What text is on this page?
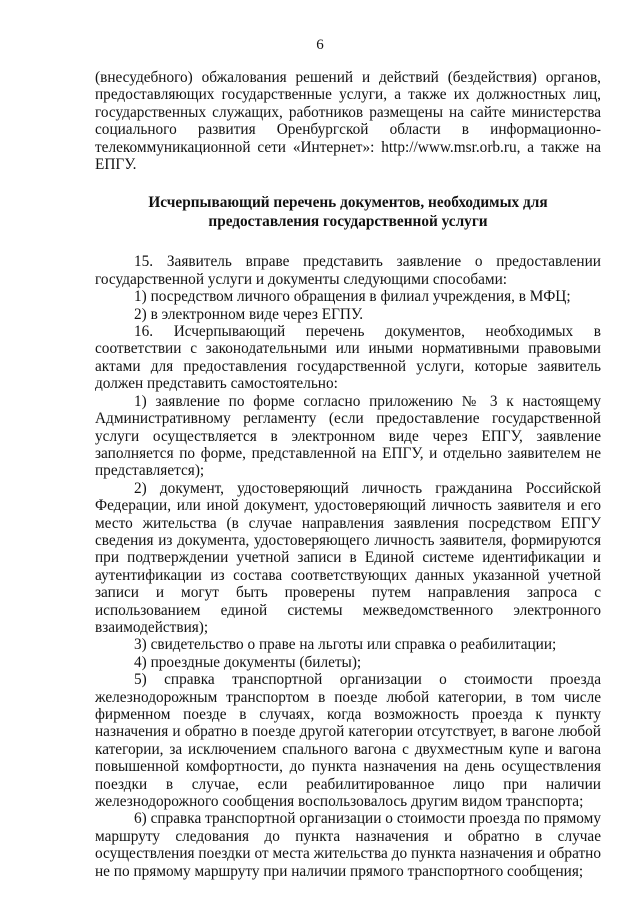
6

(внесудебного) обжалования решений и действий (бездействия) органов, предоставляющих государственные услуги, а также их должностных лиц, государственных служащих, работников размещены на сайте министерства социального развития Оренбургской области в информационно-телекоммуникационной сети «Интернет»: http://www.msr.orb.ru, а также на ЕПГУ.

Исчерпывающий перечень документов, необходимых для
предоставления государственной услуги

15. Заявитель вправе представить заявление о предоставлении государственной услуги и документы следующими способами:

1) посредством личного обращения в филиал учреждения, в МФЦ;

2) в электронном виде через ЕГПУ.

16. Исчерпывающий перечень документов, необходимых в соответствии с законодательными или иными нормативными правовыми актами для предоставления государственной услуги, которые заявитель должен представить самостоятельно:

1) заявление по форме согласно приложению № 3 к настоящему Административному регламенту (если предоставление государственной услуги осуществляется в электронном виде через ЕПГУ, заявление заполняется по форме, представленной на ЕПГУ, и отдельно заявителем не представляется);

2) документ, удостоверяющий личность гражданина Российской Федерации, или иной документ, удостоверяющий личность заявителя и его место жительства (в случае направления заявления посредством ЕПГУ сведения из документа, удостоверяющего личность заявителя, формируются при подтверждении учетной записи в Единой системе идентификации и аутентификации из состава соответствующих данных указанной учетной записи и могут быть проверены путем направления запроса с использованием единой системы межведомственного электронного взаимодействия);

3) свидетельство о праве на льготы или справка о реабилитации;

4) проездные документы (билеты);

5) справка транспортной организации о стоимости проезда железнодорожным транспортом в поезде любой категории, в том числе фирменном поезде в случаях, когда возможность проезда к пункту назначения и обратно в поезде другой категории отсутствует, в вагоне любой категории, за исключением спального вагона с двухместным купе и вагона повышенной комфортности, до пункта назначения на день осуществления поездки в случае, если реабилитированное лицо при наличии железнодорожного сообщения воспользовалось другим видом транспорта;

6) справка транспортной организации о стоимости проезда по прямому маршруту следования до пункта назначения и обратно в случае осуществления поездки от места жительства до пункта назначения и обратно не по прямому маршруту при наличии прямого транспортного сообщения;
